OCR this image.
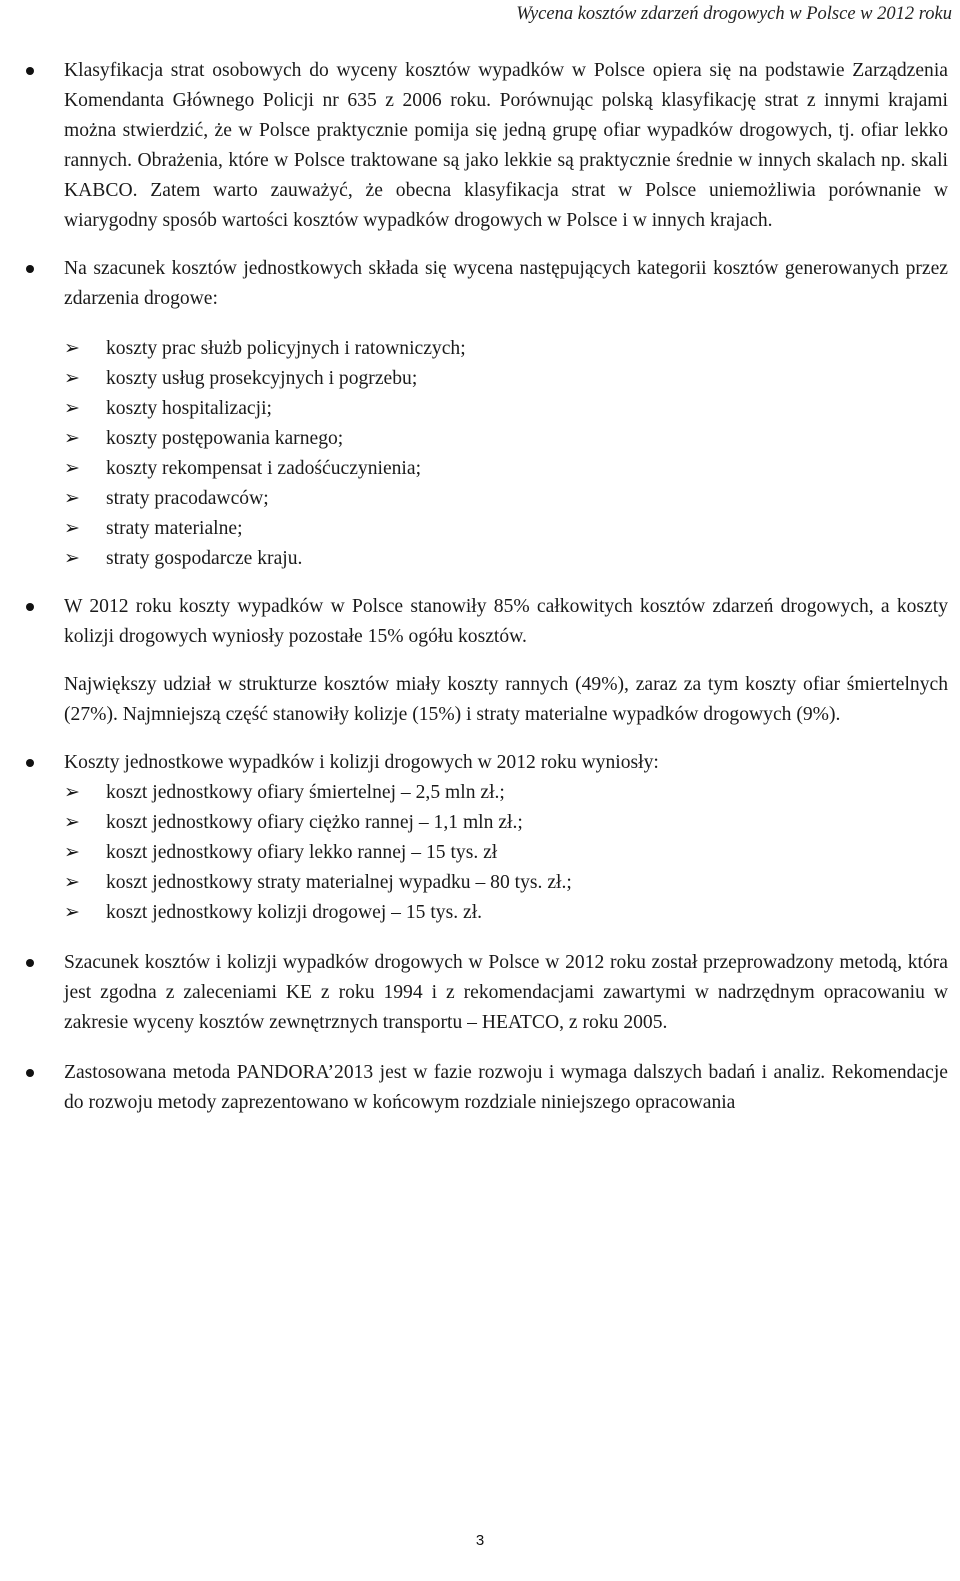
Wycena kosztów zdarzeń drogowych w Polsce w 2012 roku
Klasyfikacja strat osobowych do wyceny kosztów wypadków w Polsce opiera się na podstawie Zarządzenia Komendanta Głównego Policji nr 635 z 2006 roku. Porównując polską klasyfikację strat z innymi krajami można stwierdzić, że w Polsce praktycznie pomija się jedną grupę ofiar wypadków drogowych, tj. ofiar lekko rannych. Obrażenia, które w Polsce traktowane są jako lekkie są praktycznie średnie w innych skalach np. skali KABCO. Zatem warto zauważyć, że obecna klasyfikacja strat w Polsce uniemożliwia porównanie w wiarygodny sposób wartości kosztów wypadków drogowych w Polsce i w innych krajach.
Na szacunek kosztów jednostkowych składa się wycena następujących kategorii kosztów generowanych przez zdarzenia drogowe:
➢ koszty prac służb policyjnych i ratowniczych;
➢ koszty usług prosekcyjnych i pogrzebu;
➢ koszty hospitalizacji;
➢ koszty postępowania karnego;
➢ koszty rekompensat i zadośćuczynienia;
➢ straty pracodawców;
➢ straty materialne;
➢ straty gospodarcze kraju.
W 2012 roku koszty wypadków w Polsce stanowiły 85% całkowitych kosztów zdarzeń drogowych, a koszty kolizji drogowych wyniosły pozostałe 15% ogółu kosztów.
Największy udział w strukturze kosztów miały koszty rannych (49%), zaraz za tym koszty ofiar śmiertelnych (27%). Najmniejszą część stanowiły kolizje (15%) i straty materialne wypadków drogowych (9%).
Koszty jednostkowe wypadków i kolizji drogowych w 2012 roku wyniosły:
➢ koszt jednostkowy ofiary śmiertelnej – 2,5 mln zł.;
➢ koszt jednostkowy ofiary ciężko rannej – 1,1 mln zł.;
➢ koszt jednostkowy ofiary lekko rannej – 15 tys. zł
➢ koszt jednostkowy straty materialnej wypadku – 80 tys. zł.;
➢ koszt jednostkowy kolizji drogowej – 15 tys. zł.
Szacunek kosztów i kolizji wypadków drogowych w Polsce w 2012 roku został przeprowadzony metodą, która jest zgodna z zaleceniami KE z roku 1994 i z rekomendacjami zawartymi w nadrzędnym opracowaniu w zakresie wyceny kosztów zewnętrznych transportu – HEATCO, z roku 2005.
Zastosowana metoda PANDORA’2013 jest w fazie rozwoju i wymaga dalszych badań i analiz. Rekomendacje do rozwoju metody zaprezentowano w końcowym rozdziale niniejszego opracowania
3
